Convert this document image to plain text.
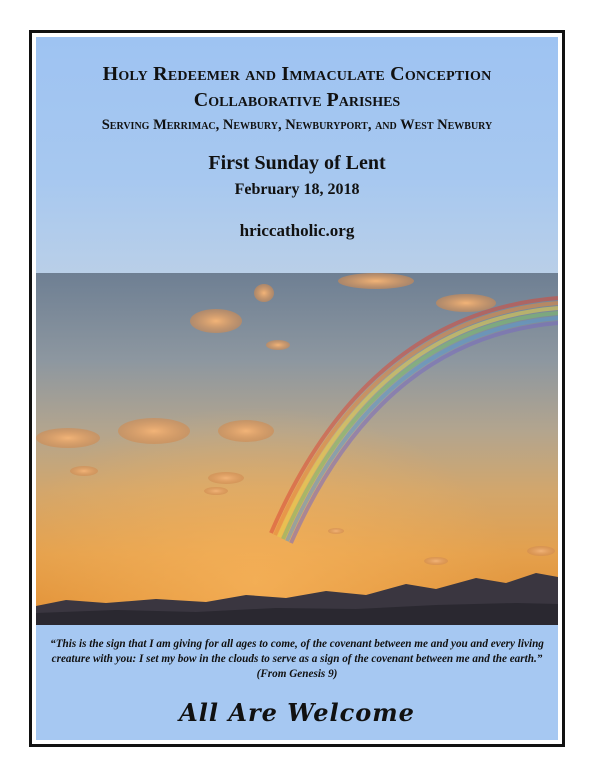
Holy Redeemer and Immaculate Conception
Collaborative Parishes
Serving Merrimac, Newbury, Newburyport, and West Newbury
First Sunday of Lent
February 18, 2018
hriccatholic.org
“This is the sign that I am giving for all ages to come, of the covenant between me and you and every living creature with you: I set my bow in the clouds to serve as a sign of the covenant between me and the earth.” (From Genesis 9)
All Are Welcome
